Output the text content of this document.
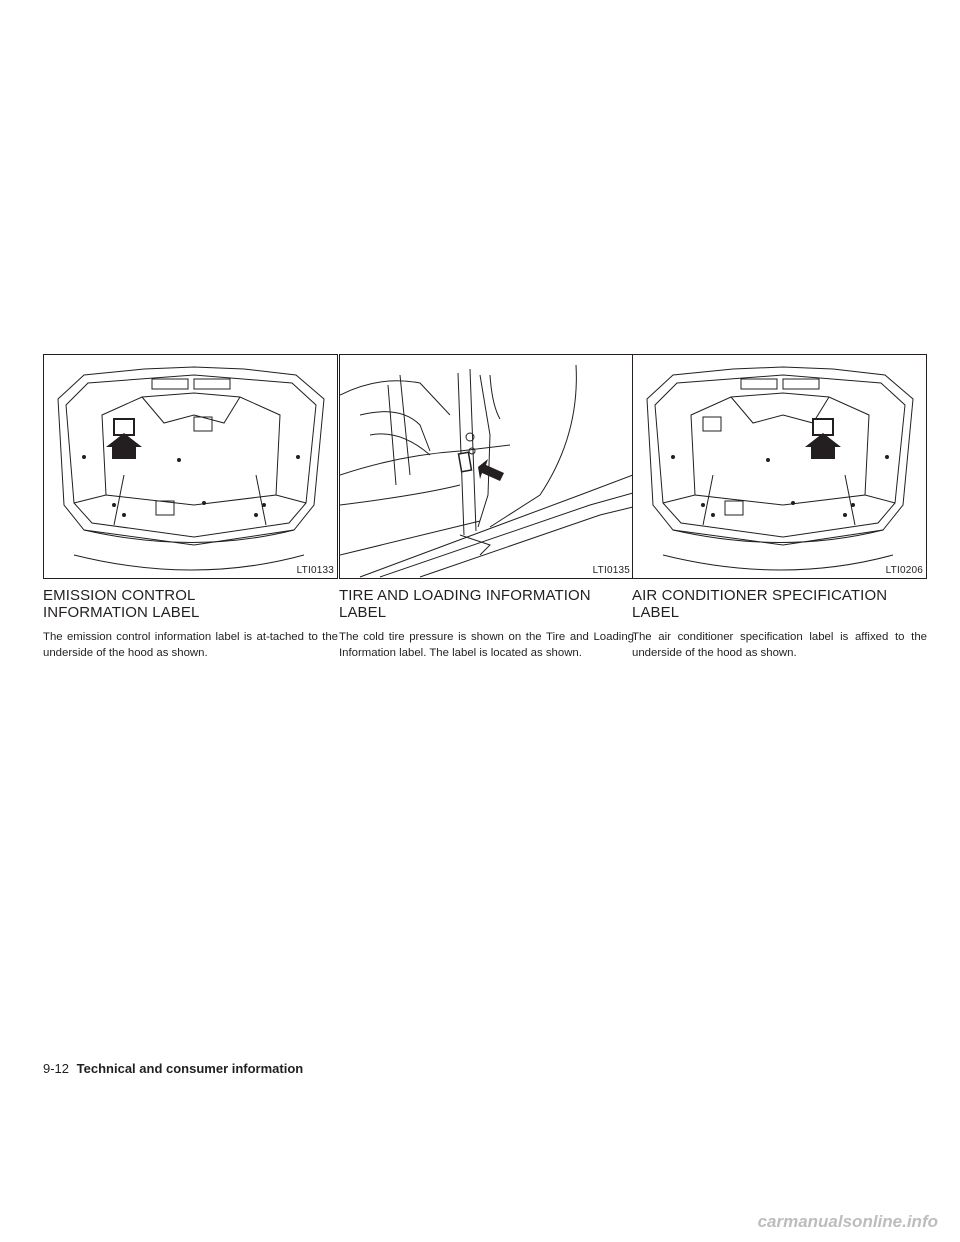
LTI0133
EMISSION CONTROL
INFORMATION LABEL

The emission control information label is at-tached to the underside of the hood as shown.

LTI0135
TIRE AND LOADING INFORMATION
LABEL

The cold tire pressure is shown on the Tire and Loading Information label. The label is located as shown.

LTI0206
AIR CONDITIONER SPECIFICATION
LABEL

The air conditioner specification label is affixed to the underside of the hood as shown.

9-12 Technical and consumer information
carmanualsonline.info
